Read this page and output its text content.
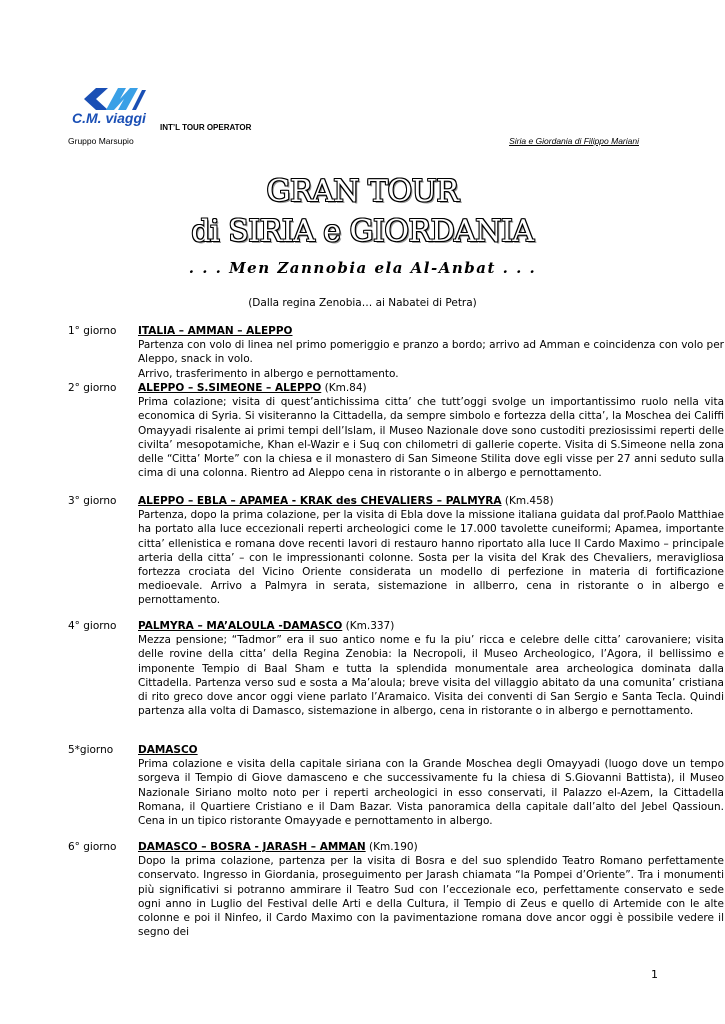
C.M. viaggi
Gruppo Marsupio
INT’L TOUR OPERATOR
Siria e Giordania di Filippo Mariani
GRAN TOUR
di SIRIA e GIORDANIA
. . . Men Zannobia ela Al-Anbat . . .
(Dalla regina Zenobia… ai Nabatei di Petra)
1° giorno	ITALIA – AMMAN – ALEPPO

Partenza con volo di linea nel primo pomeriggio e pranzo a bordo; arrivo ad Amman e coincidenza con volo per Aleppo, snack in volo.

Arrivo, trasferimento in albergo e pernottamento.

2° giorno	ALEPPO – S.SIMEONE – ALEPPO (Km.84)

Prima colazione; visita di quest’antichissima citta’ che tutt’oggi svolge un importantissimo ruolo nella vita economica di Syria. Si visiteranno la Cittadella, da sempre simbolo e fortezza della citta’, la Moschea dei Califfi Omayyadi risalente ai primi tempi dell’Islam, il Museo Nazionale dove sono custoditi preziosissimi reperti delle civilta’ mesopotamiche, Khan el-Wazir e i Suq con chilometri di gallerie coperte. Visita di S.Simeone nella zona delle “Citta’ Morte” con la chiesa e il monastero di San Simeone Stilita dove egli visse per 27 anni seduto sulla cima di una colonna. Rientro ad Aleppo cena in ristorante o in albergo e pernottamento.

3° giorno	ALEPPO – EBLA – APAMEA - KRAK des CHEVALIERS – PALMYRA (Km.458)

Partenza, dopo la prima colazione, per la visita di Ebla dove la missione italiana guidata dal prof.Paolo Matthiae ha portato alla luce eccezionali reperti archeologici come le 17.000 tavolette cuneiformi; Apamea, importante citta’ ellenistica e romana dove recenti lavori di restauro hanno riportato alla luce Il Cardo Maximo – principale arteria della citta’ – con le impressionanti colonne. Sosta per la visita del Krak des Chevaliers, meravigliosa fortezza crociata del Vicino Oriente considerata un modello di perfezione in materia di fortificazione medioevale. Arrivo a Palmyra in serata, sistemazione in allberго, cena in ristorante o in albergo e pernottamento.

4° giorno	PALMYRA – MA’ALOULA -DAMASCO (Km.337)

Mezza pensione; “Tadmor” era il suo antico nome e fu la piu’ ricca e celebre delle citta’ carovaniere; visita delle rovine della citta’ della Regina Zenobia: la Necropoli, il Museo Archeologico, l’Agora, il bellissimo e imponente Tempio di Baal Sham e tutta la splendida monumentale area archeologica dominata dalla Cittadella. Partenza verso sud e sosta a Ma’aloula; breve visita del villaggio abitato da una comunita’ cristiana di rito greco dove ancor oggi viene parlato l’Aramaico. Visita dei conventi di San Sergio e Santa Tecla. Quindi partenza alla volta di Damasco, sistemazione in albergo, cena in ristorante o in albergo e pernottamento.

5*giorno	DAMASCO

Prima colazione e visita della capitale siriana con la Grande Moschea degli Omayyadi (luogo dove un tempo sorgeva il Tempio di Giove damasceno e che successivamente fu la chiesa di S.Giovanni Battista), il Museo Nazionale Siriano molto noto per i reperti archeologici in esso conservati, il Palazzo el-Azem, la Cittadella Romana, il Quartiere Cristiano e il Dam Bazar. Vista panoramica della capitale dall’alto del Jebel Qassioun. Cena in un tipico ristorante Omayyade e pernottamento in albergo.

6° giorno	DAMASCO – BOSRA - JARASH – AMMAN (Km.190)

Dopo la prima colazione, partenza per la visita di Bosra e del suo splendido Teatro Romano perfettamente conservato. Ingresso in Giordania, proseguimento per Jarash chiamata “la Pompei d’Oriente”. Tra i monumenti più significativi si potranno ammirare il Teatro Sud con l’eccezionale eco, perfettamente conservato e sede ogni anno in Luglio del Festival delle Arti e della Cultura, il Tempio di Zeus e quello di Artemide con le alte colonne e poi il Ninfeo, il Cardo Maximo con la pavimentazione romana dove ancor oggi è possibile vedere il segno dei

1
